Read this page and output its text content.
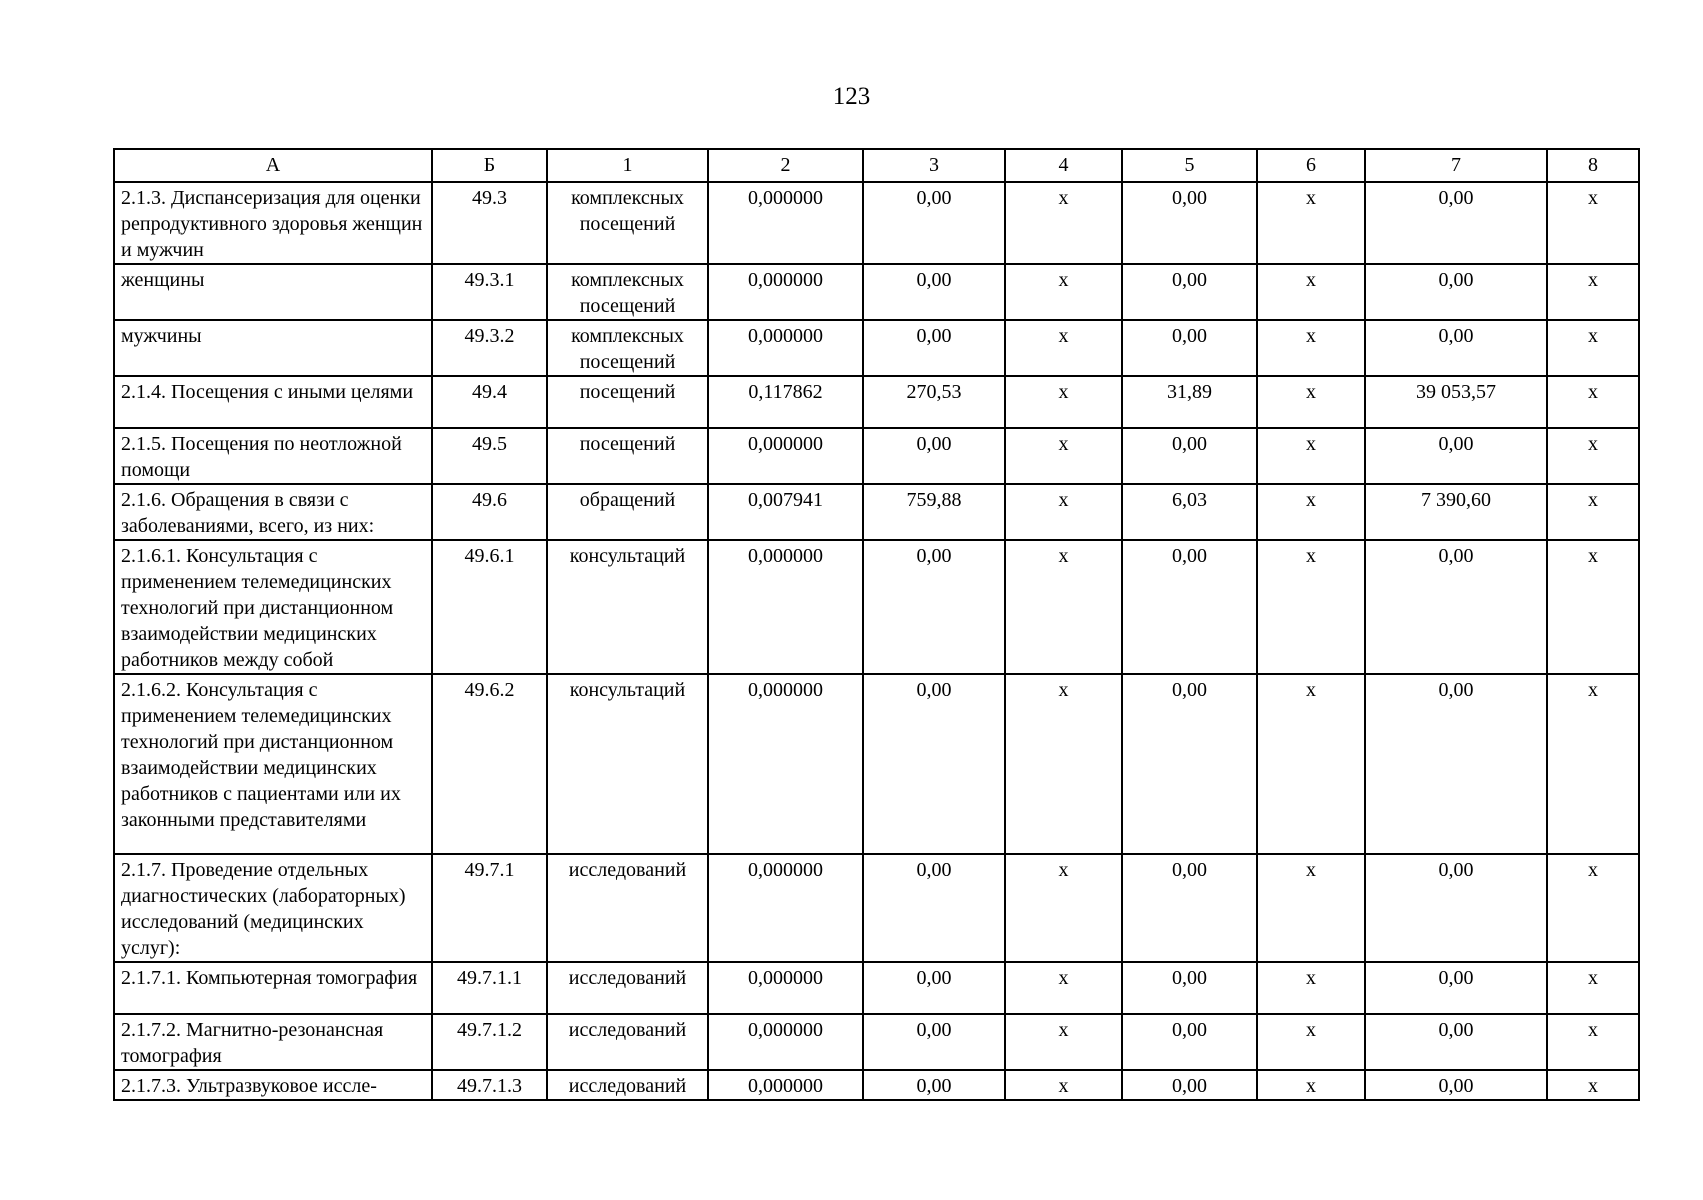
123
А	Б	1	2	3	4	5	6	7	8
2.1.3. Диспансеризация для оценки репродуктивного здоровья женщин и мужчин	49.3	комплексных посещений	0,000000	0,00	х	0,00	х	0,00	х
женщины	49.3.1	комплексных посещений	0,000000	0,00	х	0,00	х	0,00	х
мужчины	49.3.2	комплексных посещений	0,000000	0,00	х	0,00	х	0,00	х
2.1.4. Посещения с иными целями	49.4	посещений	0,117862	270,53	х	31,89	х	39 053,57	х
2.1.5. Посещения по неотложной помощи	49.5	посещений	0,000000	0,00	х	0,00	х	0,00	х
2.1.6. Обращения в связи с заболеваниями, всего, из них:	49.6	обращений	0,007941	759,88	х	6,03	х	7 390,60	х
2.1.6.1. Консультация с применением телемедицинских технологий при дистанционном взаимодействии медицинских работников между собой	49.6.1	консультаций	0,000000	0,00	х	0,00	х	0,00	х
2.1.6.2. Консультация с применением телемедицинских технологий при дистанционном взаимодействии медицинских работников с пациентами или их законными представителями	49.6.2	консультаций	0,000000	0,00	х	0,00	х	0,00	х
2.1.7. Проведение отдельных диагностических (лабораторных) исследований (медицинских услуг):	49.7.1	исследований	0,000000	0,00	х	0,00	х	0,00	х
2.1.7.1. Компьютерная томография	49.7.1.1	исследований	0,000000	0,00	х	0,00	х	0,00	х
2.1.7.2. Магнитно-резонансная томография	49.7.1.2	исследований	0,000000	0,00	х	0,00	х	0,00	х
2.1.7.3. Ультразвуковое иссле-	49.7.1.3	исследований	0,000000	0,00	х	0,00	х	0,00	х
